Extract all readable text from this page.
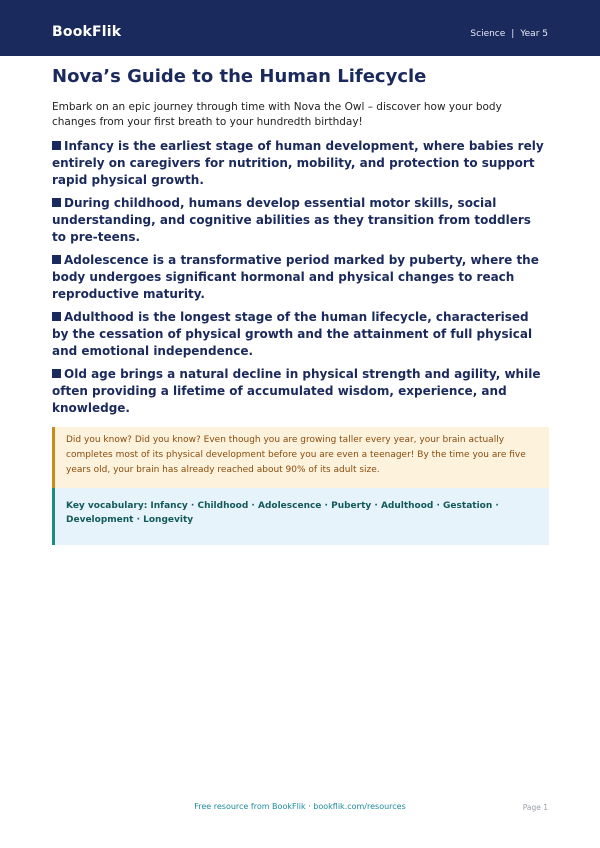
BookFlik	Science | Year 5
Nova’s Guide to the Human Lifecycle

Embark on an epic journey through time with Nova the Owl – discover how your body changes from your first breath to your hundredth birthday!

Infancy is the earliest stage of human development, where babies rely entirely on caregivers for nutrition, mobility, and protection to support rapid physical growth.
During childhood, humans develop essential motor skills, social understanding, and cognitive abilities as they transition from toddlers to pre-teens.
Adolescence is a transformative period marked by puberty, where the body undergoes significant hormonal and physical changes to reach reproductive maturity.
Adulthood is the longest stage of the human lifecycle, characterised by the cessation of physical growth and the attainment of full physical and emotional independence.
Old age brings a natural decline in physical strength and agility, while often providing a lifetime of accumulated wisdom, experience, and knowledge.
Did you know? Did you know? Even though you are growing taller every year, your brain actually completes most of its physical development before you are even a teenager! By the time you are five years old, your brain has already reached about 90% of its adult size.
Key vocabulary: Infancy · Childhood · Adolescence · Puberty · Adulthood · Gestation · Development · Longevity
Free resource from BookFlik · bookflik.com/resources	Page 1
